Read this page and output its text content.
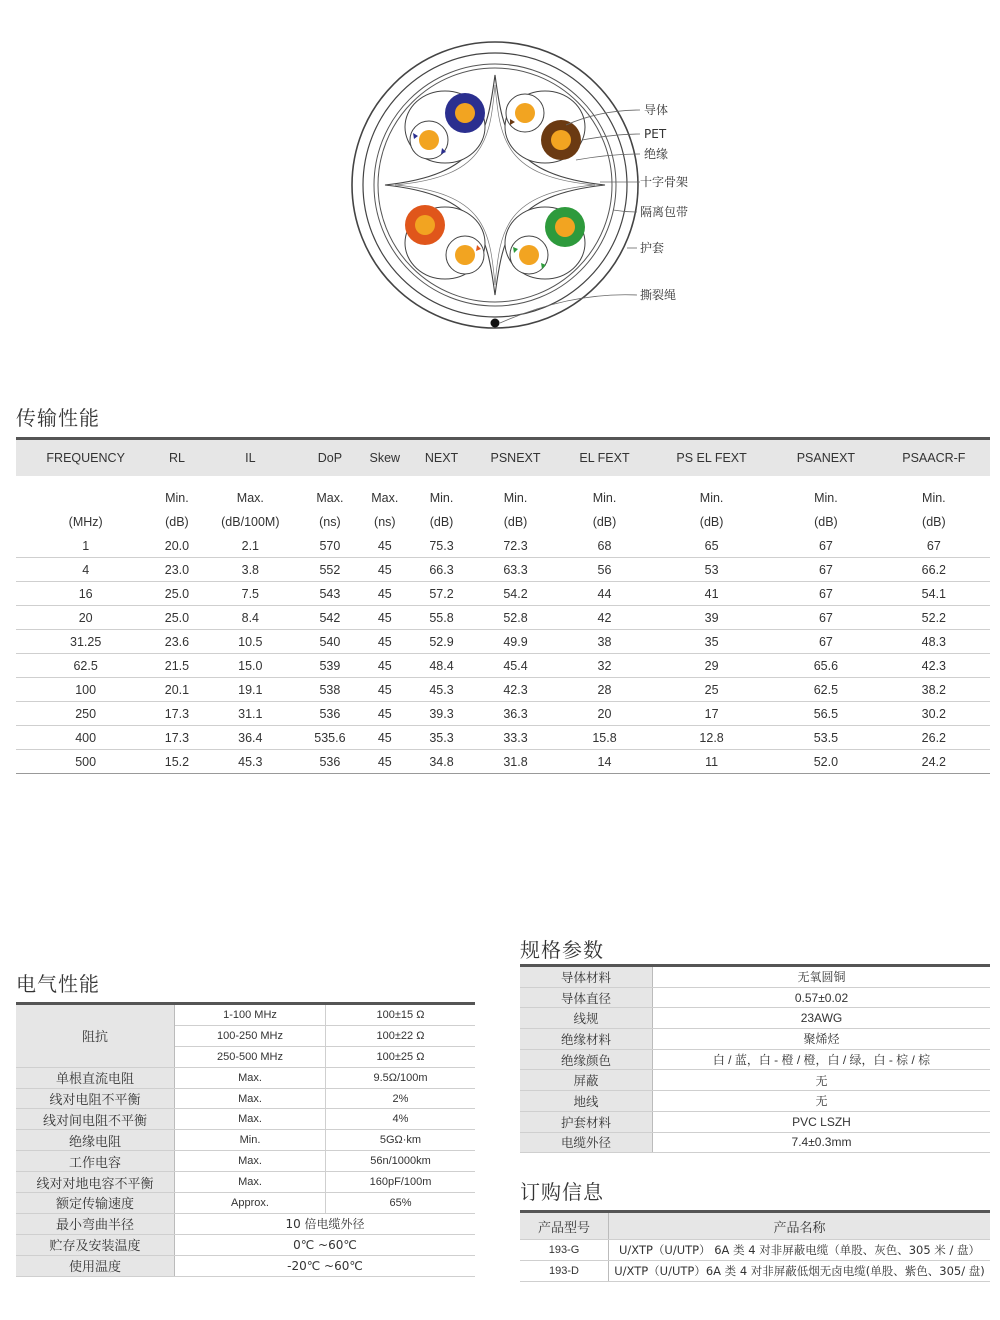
导体
PET
绝缘
十字骨架
隔离包带
护套
撕裂绳
传输性能
FREQUENCY	RL	IL	DoP	Skew	NEXT	PSNEXT	EL FEXT	PS EL FEXT	PSANEXT	PSAACR-F

	Min.	Max.	Max.	Max.	Min.	Min.	Min.	Min.	Min.	Min.
(MHz)	(dB)	(dB/100M)	(ns)	(ns)	(dB)	(dB)	(dB)	(dB)	(dB)	(dB)
1	20.0	2.1	570	45	75.3	72.3	68	65	67	67
4	23.0	3.8	552	45	66.3	63.3	56	53	67	66.2
16	25.0	7.5	543	45	57.2	54.2	44	41	67	54.1
20	25.0	8.4	542	45	55.8	52.8	42	39	67	52.2
31.25	23.6	10.5	540	45	52.9	49.9	38	35	67	48.3
62.5	21.5	15.0	539	45	48.4	45.4	32	29	65.6	42.3
100	20.1	19.1	538	45	45.3	42.3	28	25	62.5	38.2
250	17.3	31.1	536	45	39.3	36.3	20	17	56.5	30.2
400	17.3	36.4	535.6	45	35.3	33.3	15.8	12.8	53.5	26.2
500	15.2	45.3	536	45	34.8	31.8	14	11	52.0	24.2
电气性能
阻抗	1-100 MHz	100±15 Ω
	100-250 MHz	100±22 Ω
	250-500 MHz	100±25 Ω
单根直流电阻	Max.	9.5Ω/100m
线对电阻不平衡	Max.	2%
线对间电阻不平衡	Max.	4%
绝缘电阻	Min.	5GΩ·km
工作电容	Max.	56n/1000km
线对对地电容不平衡	Max.	160pF/100m
额定传输速度	Approx.	65%
最小弯曲半径	10 倍电缆外径	
贮存及安装温度	0℃ ~60℃	
使用温度	-20℃ ~60℃	
规格参数
导体材料	无氧圆铜
导体直径	0.57±0.02
线规	23AWG
绝缘材料	聚烯烃
绝缘颜色	白 / 蓝，白 - 橙 / 橙，白 / 绿，白 - 棕 / 棕
屏蔽	无
地线	无
护套材料	PVC LSZH
电缆外径	7.4±0.3mm
订购信息
产品型号	产品名称
193-G	U/XTP（U/UTP） 6A 类 4 对非屏蔽电缆（单股、灰色、305 米 / 盘）
193-D	U/XTP（U/UTP）6A 类 4 对非屏蔽低烟无卤电缆(单股、紫色、305/ 盘)
